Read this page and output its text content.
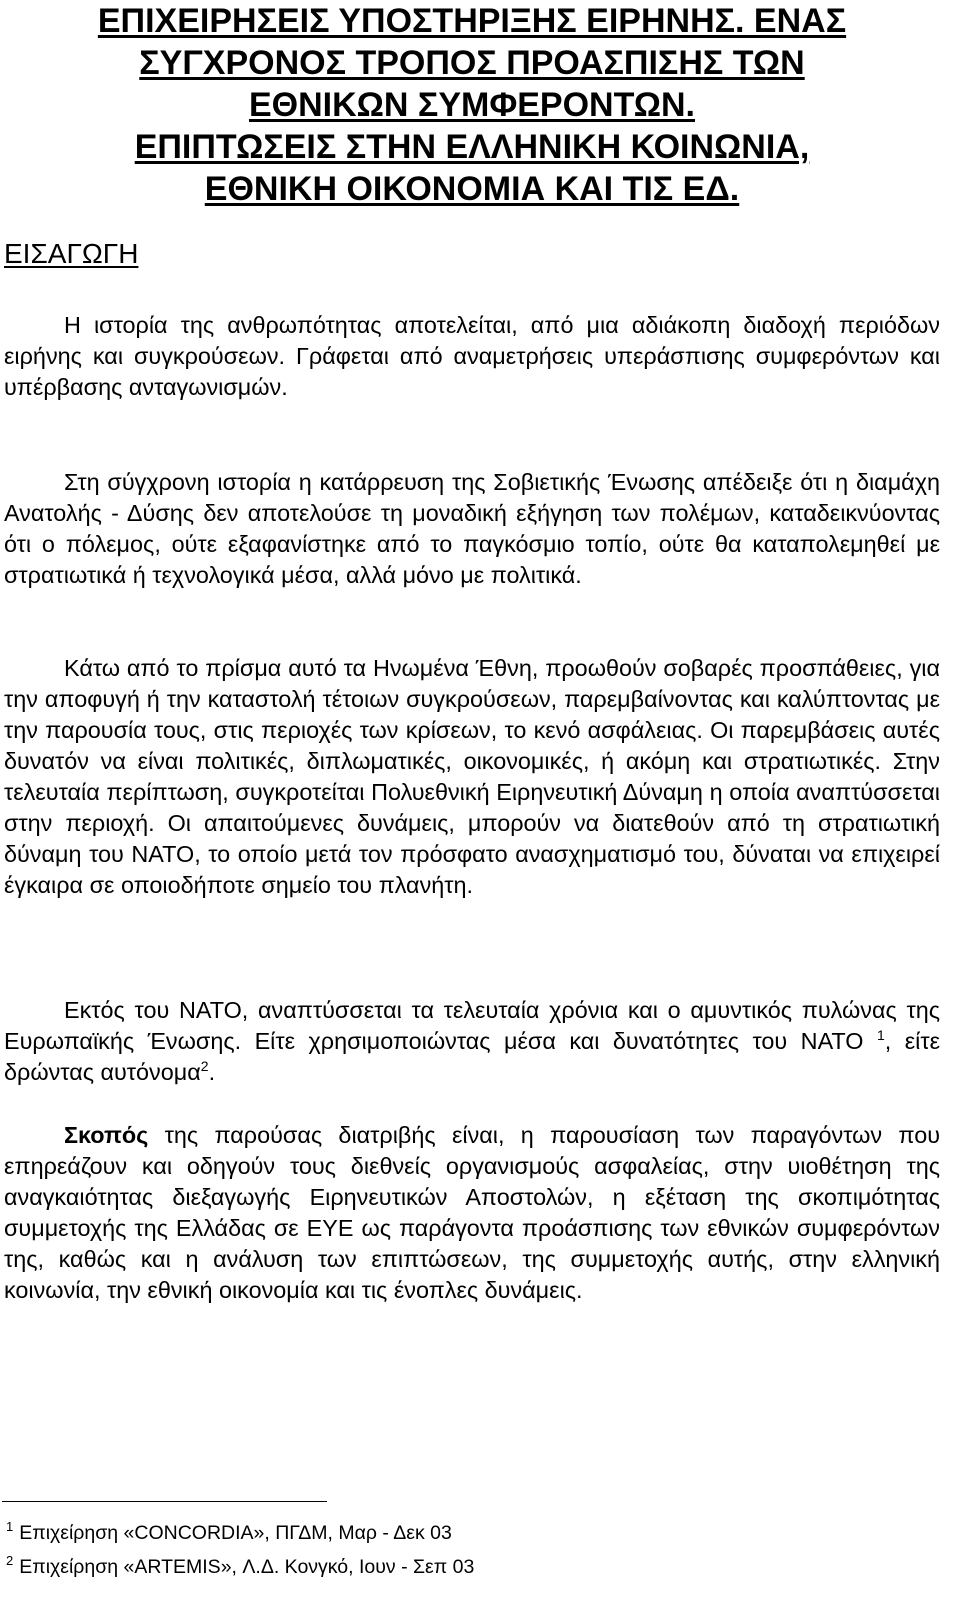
ΕΠΙΧΕΙΡΗΣΕΙΣ ΥΠΟΣΤΗΡΙΞΗΣ ΕΙΡΗΝΗΣ. ΕΝΑΣ
ΣΥΓΧΡΟΝΟΣ ΤΡΟΠΟΣ ΠΡΟΑΣΠΙΣΗΣ ΤΩΝ
ΕΘΝΙΚΩΝ ΣΥΜΦΕΡΟΝΤΩΝ.
ΕΠΙΠΤΩΣΕΙΣ ΣΤΗΝ ΕΛΛΗΝΙΚΗ ΚΟΙΝΩΝΙΑ,
ΕΘΝΙΚΗ ΟΙΚΟΝΟΜΙΑ ΚΑΙ ΤΙΣ ΕΔ.
ΕΙΣΑΓΩΓΗ

Η ιστορία της ανθρωπότητας αποτελείται, από μια αδιάκοπη διαδοχή περιόδων ειρήνης και συγκρούσεων. Γράφεται από αναμετρήσεις υπεράσπισης συμφερόντων και υπέρβασης ανταγωνισμών.

Στη σύγχρονη ιστορία η κατάρρευση της Σοβιετικής Ένωσης απέδειξε ότι η διαμάχη Ανατολής - Δύσης δεν αποτελούσε τη μοναδική εξήγηση των πολέμων, καταδεικνύοντας ότι ο πόλεμος, ούτε εξαφανίστηκε από το παγκόσμιο τοπίο, ούτε θα καταπολεμηθεί με στρατιωτικά ή τεχνολογικά μέσα, αλλά μόνο με πολιτικά.

Κάτω από το πρίσμα αυτό τα Ηνωμένα Έθνη, προωθούν σοβαρές προσπάθειες, για την αποφυγή ή την καταστολή τέτοιων συγκρούσεων, παρεμβαίνοντας και καλύπτοντας με την παρουσία τους, στις περιοχές των κρίσεων, το κενό ασφάλειας. Οι παρεμβάσεις αυτές δυνατόν να είναι πολιτικές, διπλωματικές, οικονομικές, ή ακόμη και στρατιωτικές. Στην τελευταία περίπτωση, συγκροτείται Πολυεθνική Ειρηνευτική Δύναμη η οποία αναπτύσσεται στην περιοχή. Οι απαιτούμενες δυνάμεις, μπορούν να διατεθούν από τη στρατιωτική δύναμη του ΝΑΤΟ, το οποίο μετά τον πρόσφατο ανασχηματισμό του, δύναται να επιχειρεί έγκαιρα σε οποιοδήποτε σημείο του πλανήτη.

Εκτός του ΝΑΤΟ, αναπτύσσεται τα τελευταία χρόνια και ο αμυντικός πυλώνας της Ευρωπαϊκής Ένωσης. Είτε χρησιμοποιώντας μέσα και δυνατότητες του ΝΑΤΟ $^1$, είτε δρώντας αυτόνομα$^2$.

Σκοπός της παρούσας διατριβής είναι, η παρουσίαση των παραγόντων που επηρεάζουν και οδηγούν τους διεθνείς οργανισμούς ασφαλείας, στην υιοθέτηση της αναγκαιότητας διεξαγωγής Ειρηνευτικών Αποστολών, η εξέταση της σκοπιμότητας συμμετοχής της Ελλάδας σε ΕΥΕ ως παράγοντα προάσπισης των εθνικών συμφερόντων της, καθώς και η ανάλυση των επιπτώσεων, της συμμετοχής αυτής, στην ελληνική κοινωνία, την εθνική οικονομία και τις ένοπλες δυνάμεις.

$^1$ Επιχείρηση «CONCORDIA», ΠΓΔΜ, Μαρ - Δεκ 03
$^2$ Επιχείρηση «ARTEMIS», Λ.Δ. Κονγκό, Ιουν - Σεπ 03
